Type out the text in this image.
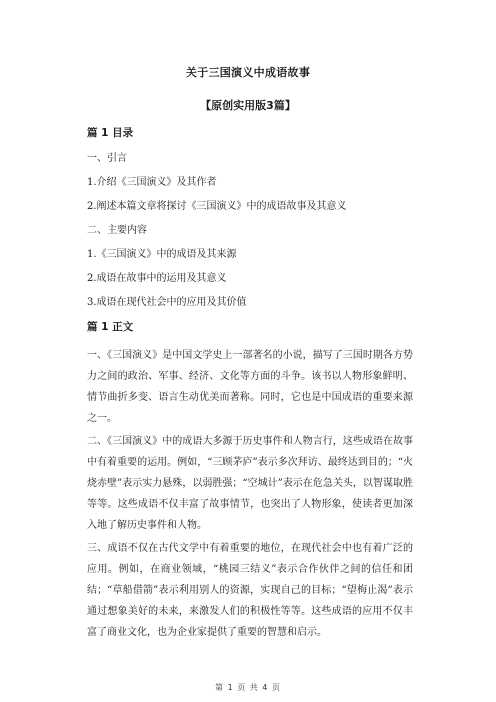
关于三国演义中成语故事
【原创实用版3篇】
篇 1 目录
一、引言
1.介绍《三国演义》及其作者
2.阐述本篇文章将探讨《三国演义》中的成语故事及其意义
二、主要内容
1.《三国演义》中的成语及其来源
2.成语在故事中的运用及其意义
3.成语在现代社会中的应用及其价值
篇 1 正文

一、《三国演义》是中国文学史上一部著名的小说，描写了三国时期各方势力之间的政治、军事、经济、文化等方面的斗争。该书以人物形象鲜明、情节曲折多变、语言生动优美而著称。同时，它也是中国成语的重要来源之一。

二、《三国演义》中的成语大多源于历史事件和人物言行，这些成语在故事中有着重要的运用。例如，“三顾茅庐”表示多次拜访、最终达到目的；“火烧赤壁”表示实力悬殊，以弱胜强；“空城计”表示在危急关头，以智谋取胜等等。这些成语不仅丰富了故事情节，也突出了人物形象，使读者更加深入地了解历史事件和人物。

三、成语不仅在古代文学中有着重要的地位，在现代社会中也有着广泛的应用。例如，在商业领域，“桃园三结义”表示合作伙伴之间的信任和团结；“草船借箭”表示利用别人的资源，实现自己的目标；“望梅止渴”表示通过想象美好的未来，来激发人们的积极性等等。这些成语的应用不仅丰富了商业文化，也为企业家提供了重要的智慧和启示。

第 1 页 共 4 页
